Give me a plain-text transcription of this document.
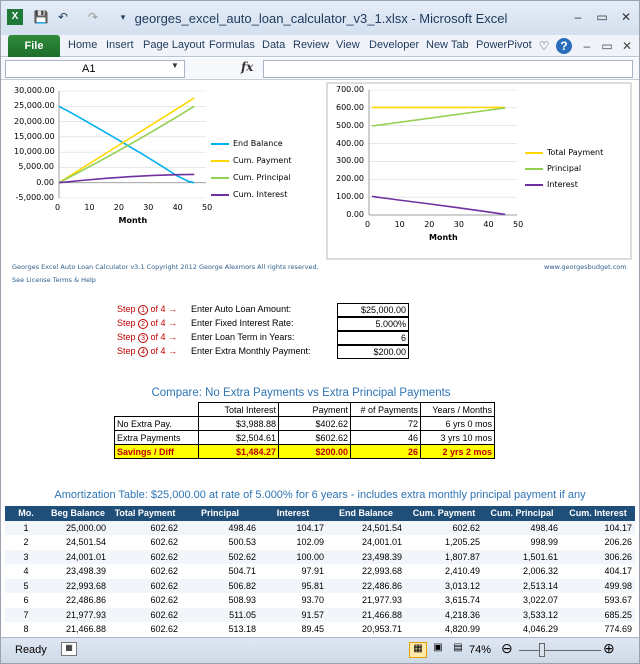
X	💾 ↶ ↷	▾ georges_excel_auto_loan_calculator_v3_1.xlsx - Microsoft Excel	–	▭	✕
File	Home Insert Page Layout Formulas Data Review View Developer New Tab PowerPivot ♡ ?	– ▭ ✕
A1	▼	fx
30,000.00
25,000.00
20,000.00
15,000.00
10,000.00
5,000.00
0.00
-5,000.00
0	10 20 30 40 50
Month
End Balance
Cum. Payment
Cum. Principal
Cum. Interest
700.00
600.00
500.00
400.00
300.00
200.00
100.00
0.00
0	10 20 30 40 50
Month
Total Payment
Principal
Interest
Georges Excel Auto Loan Calculator v3.1 Copyright 2012 George Alexmors All rights reserved.	www.georgesbudget.com
See License Terms & Help
Step 1 of 4 → Enter Auto Loan Amount:	$25,000.00
Step 2 of 4 → Enter Fixed Interest Rate:	5.000%
Step 3 of 4 → Enter Loan Term in Years:	6
Step 4 of 4 → Enter Extra Monthly Payment:	$200.00
Compare: No Extra Payments vs Extra Principal Payments
	Total Interest	Payment	# of Payments	Years / Months
No Extra Pay.	$3,988.88	$402.62	72	6 yrs 0 mos
Extra Payments	$2,504.61	$602.62	46	3 yrs 10 mos
Savings / Diff	$1,484.27	$200.00	26	2 yrs 2 mos
Amortization Table: $25,000.00 at rate of 5.000% for 6 years - includes extra monthly principal payment if any
Mo.	Beg Balance	Total Payment	Principal	Interest	End Balance	Cum. Payment	Cum. Principal	Cum. Interest
1	25,000.00	602.62	498.46	104.17	24,501.54	602.62	498.46	104.17
2	24,501.54	602.62	500.53	102.09	24,001.01	1,205.25	998.99	206.26
3	24,001.01	602.62	502.62	100.00	23,498.39	1,807.87	1,501.61	306.26
4	23,498.39	602.62	504.71	97.91	22,993.68	2,410.49	2,006.32	404.17
5	22,993.68	602.62	506.82	95.81	22,486.86	3,013.12	2,513.14	499.98
6	22,486.86	602.62	508.93	93.70	21,977.93	3,615.74	3,022.07	593.67
7	21,977.93	602.62	511.05	91.57	21,466.88	4,218.36	3,533.12	685.25
8	21,466.88	602.62	513.18	89.45	20,953.71	4,820.99	4,046.29	774.69
Ready	▦	▦	▣	▤ 74% ⊖	⊕
